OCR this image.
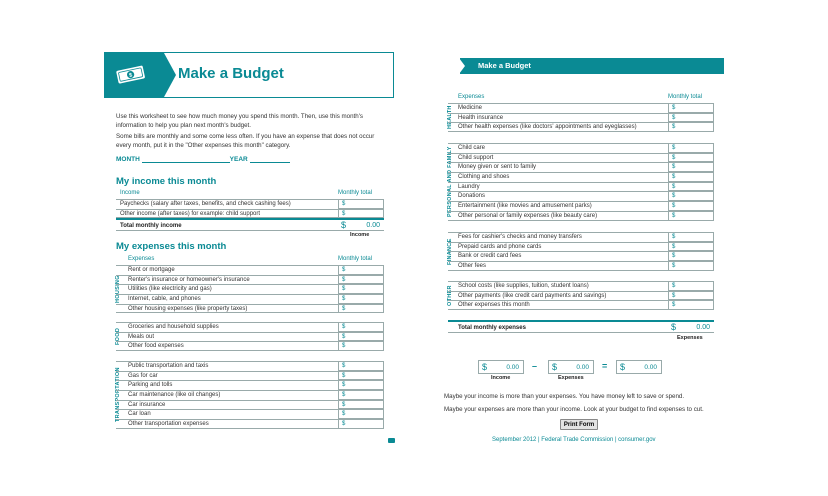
$	Make a Budget
Use this worksheet to see how much money you spend this month. Then, use this month's information to help you plan next month's budget.
Some bills are monthly and some come less often. If you have an expense that does not occur every month, put it in the "Other expenses this month" category.
MONTH	YEAR
My income this month
Income	Monthly total
Paychecks (salary after taxes, benefits, and check cashing fees)	$
Other income (after taxes) for example: child support	$
Total monthly income	$	0.00
Income
My expenses this month
Expenses	Monthly total
HOUSING
Rent or mortgage	$
Renter's insurance or homeowner's insurance	$
Utilities (like electricity and gas)	$
Internet, cable, and phones	$
Other housing expenses (like property taxes)	$
FOOD
Groceries and household supplies	$
Meals out	$
Other food expenses	$
TRANSPORTATION
Public transportation and taxis	$
Gas for car	$
Parking and tolls	$
Car maintenance (like oil changes)	$
Car insurance	$
Car loan	$
Other transportation expenses	$
Make a Budget
Expenses	Monthly total
HEALTH Medicine	$
Health insurance	$
Other health expenses (like doctors' appointments and eyeglasses)	$
PERSONAL AND FAMILY Child care	$
Child support	$
Money given or sent to family	$
Clothing and shoes	$
Laundry	$
Donations	$
Entertainment (like movies and amusement parks)	$
Other personal or family expenses (like beauty care)	$
FINANCE
Fees for cashier's checks and money transfers	$
Prepaid cards and phone cards	$
Bank or credit card fees	$
Other fees	$
OTHER School costs (like supplies, tuition, student loans)	$
Other payments (like credit card payments and savings)	$
Other expenses this month	$
Total monthly expenses	$	0.00
Expenses
$	0.00 – $	0.00 = $	0.00
Income	Expenses
Maybe your income is more than your expenses. You have money left to save or spend.
Maybe your expenses are more than your income. Look at your budget to find expenses to cut.
Print Form
September 2012 | Federal Trade Commission | consumer.gov
